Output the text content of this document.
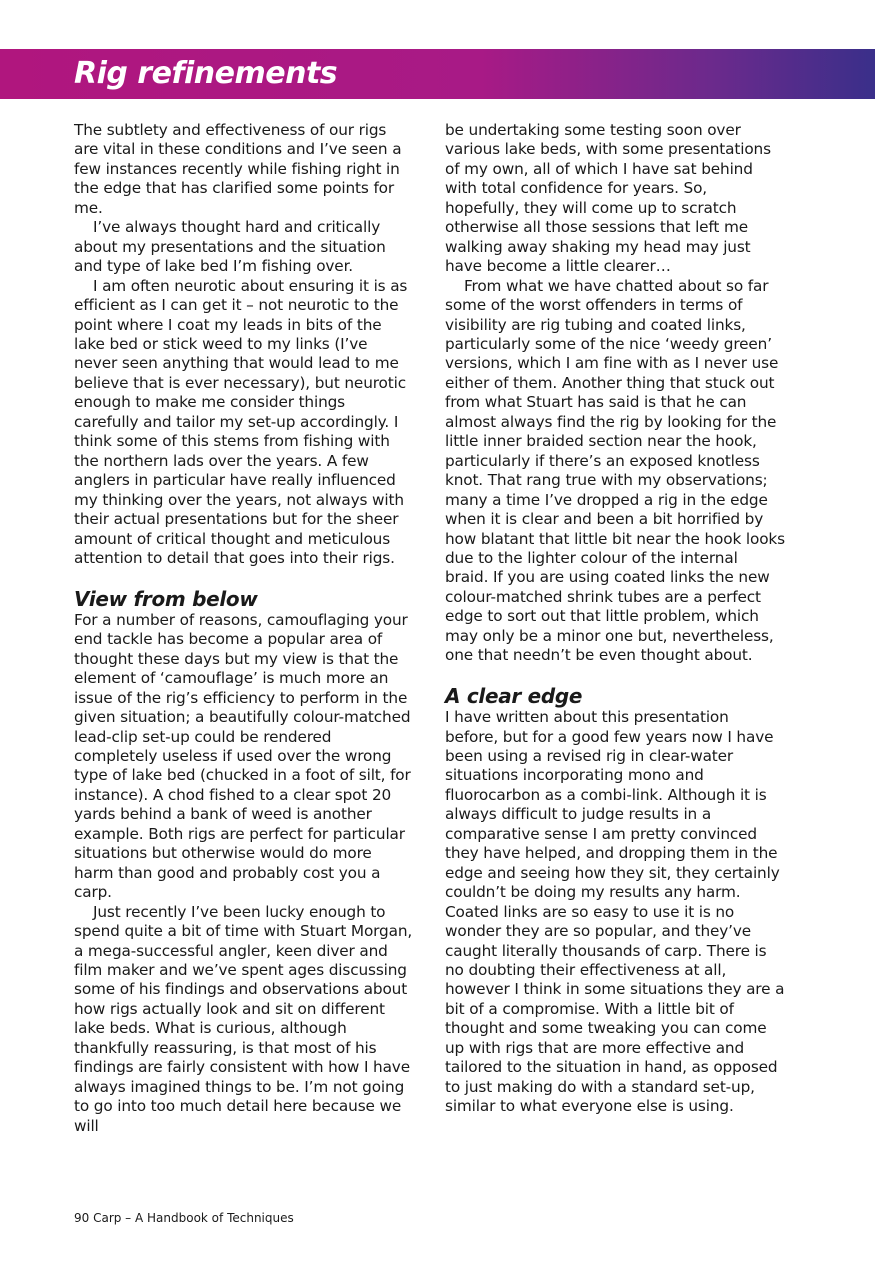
Rig refinements

The subtlety and effectiveness of our rigs are vital in these conditions and I’ve seen a few instances recently while fishing right in the edge that has clarified some points for me.

I’ve always thought hard and critically about my presentations and the situation and type of lake bed I’m fishing over.

I am often neurotic about ensuring it is as efficient as I can get it – not neurotic to the point where I coat my leads in bits of the lake bed or stick weed to my links (I’ve never seen anything that would lead to me believe that is ever necessary), but neurotic enough to make me consider things carefully and tailor my set-up accordingly. I think some of this stems from fishing with the northern lads over the years. A few anglers in particular have really influenced my thinking over the years, not always with their actual presentations but for the sheer amount of critical thought and meticulous attention to detail that goes into their rigs.

View from below

For a number of reasons, camouflaging your end tackle has become a popular area of thought these days but my view is that the element of ‘camouflage’ is much more an issue of the rig’s efficiency to perform in the given situation; a beautifully colour-matched lead-clip set-up could be rendered completely useless if used over the wrong type of lake bed (chucked in a foot of silt, for instance). A chod fished to a clear spot 20 yards behind a bank of weed is another example. Both rigs are perfect for particular situations but otherwise would do more harm than good and probably cost you a carp.

Just recently I’ve been lucky enough to spend quite a bit of time with Stuart Morgan, a mega-successful angler, keen diver and film maker and we’ve spent ages discussing some of his findings and observations about how rigs actually look and sit on different lake beds. What is curious, although thankfully reassuring, is that most of his findings are fairly consistent with how I have always imagined things to be. I’m not going to go into too much detail here because we will

be undertaking some testing soon over various lake beds, with some presentations of my own, all of which I have sat behind with total confidence for years. So, hopefully, they will come up to scratch otherwise all those sessions that left me walking away shaking my head may just have become a little clearer…

From what we have chatted about so far some of the worst offenders in terms of visibility are rig tubing and coated links, particularly some of the nice ‘weedy green’ versions, which I am fine with as I never use either of them. Another thing that stuck out from what Stuart has said is that he can almost always find the rig by looking for the little inner braided section near the hook, particularly if there’s an exposed knotless knot. That rang true with my observations; many a time I’ve dropped a rig in the edge when it is clear and been a bit horrified by how blatant that little bit near the hook looks due to the lighter colour of the internal braid. If you are using coated links the new colour-matched shrink tubes are a perfect edge to sort out that little problem, which may only be a minor one but, nevertheless, one that needn’t be even thought about.

A clear edge

I have written about this presentation before, but for a good few years now I have been using a revised rig in clear-water situations incorporating mono and fluorocarbon as a combi-link. Although it is always difficult to judge results in a comparative sense I am pretty convinced they have helped, and dropping them in the edge and seeing how they sit, they certainly couldn’t be doing my results any harm. Coated links are so easy to use it is no wonder they are so popular, and they’ve caught literally thousands of carp. There is no doubting their effectiveness at all, however I think in some situations they are a bit of a compromise. With a little bit of thought and some tweaking you can come up with rigs that are more effective and tailored to the situation in hand, as opposed to just making do with a standard set-up, similar to what everyone else is using.

90 Carp – A Handbook of Techniques
